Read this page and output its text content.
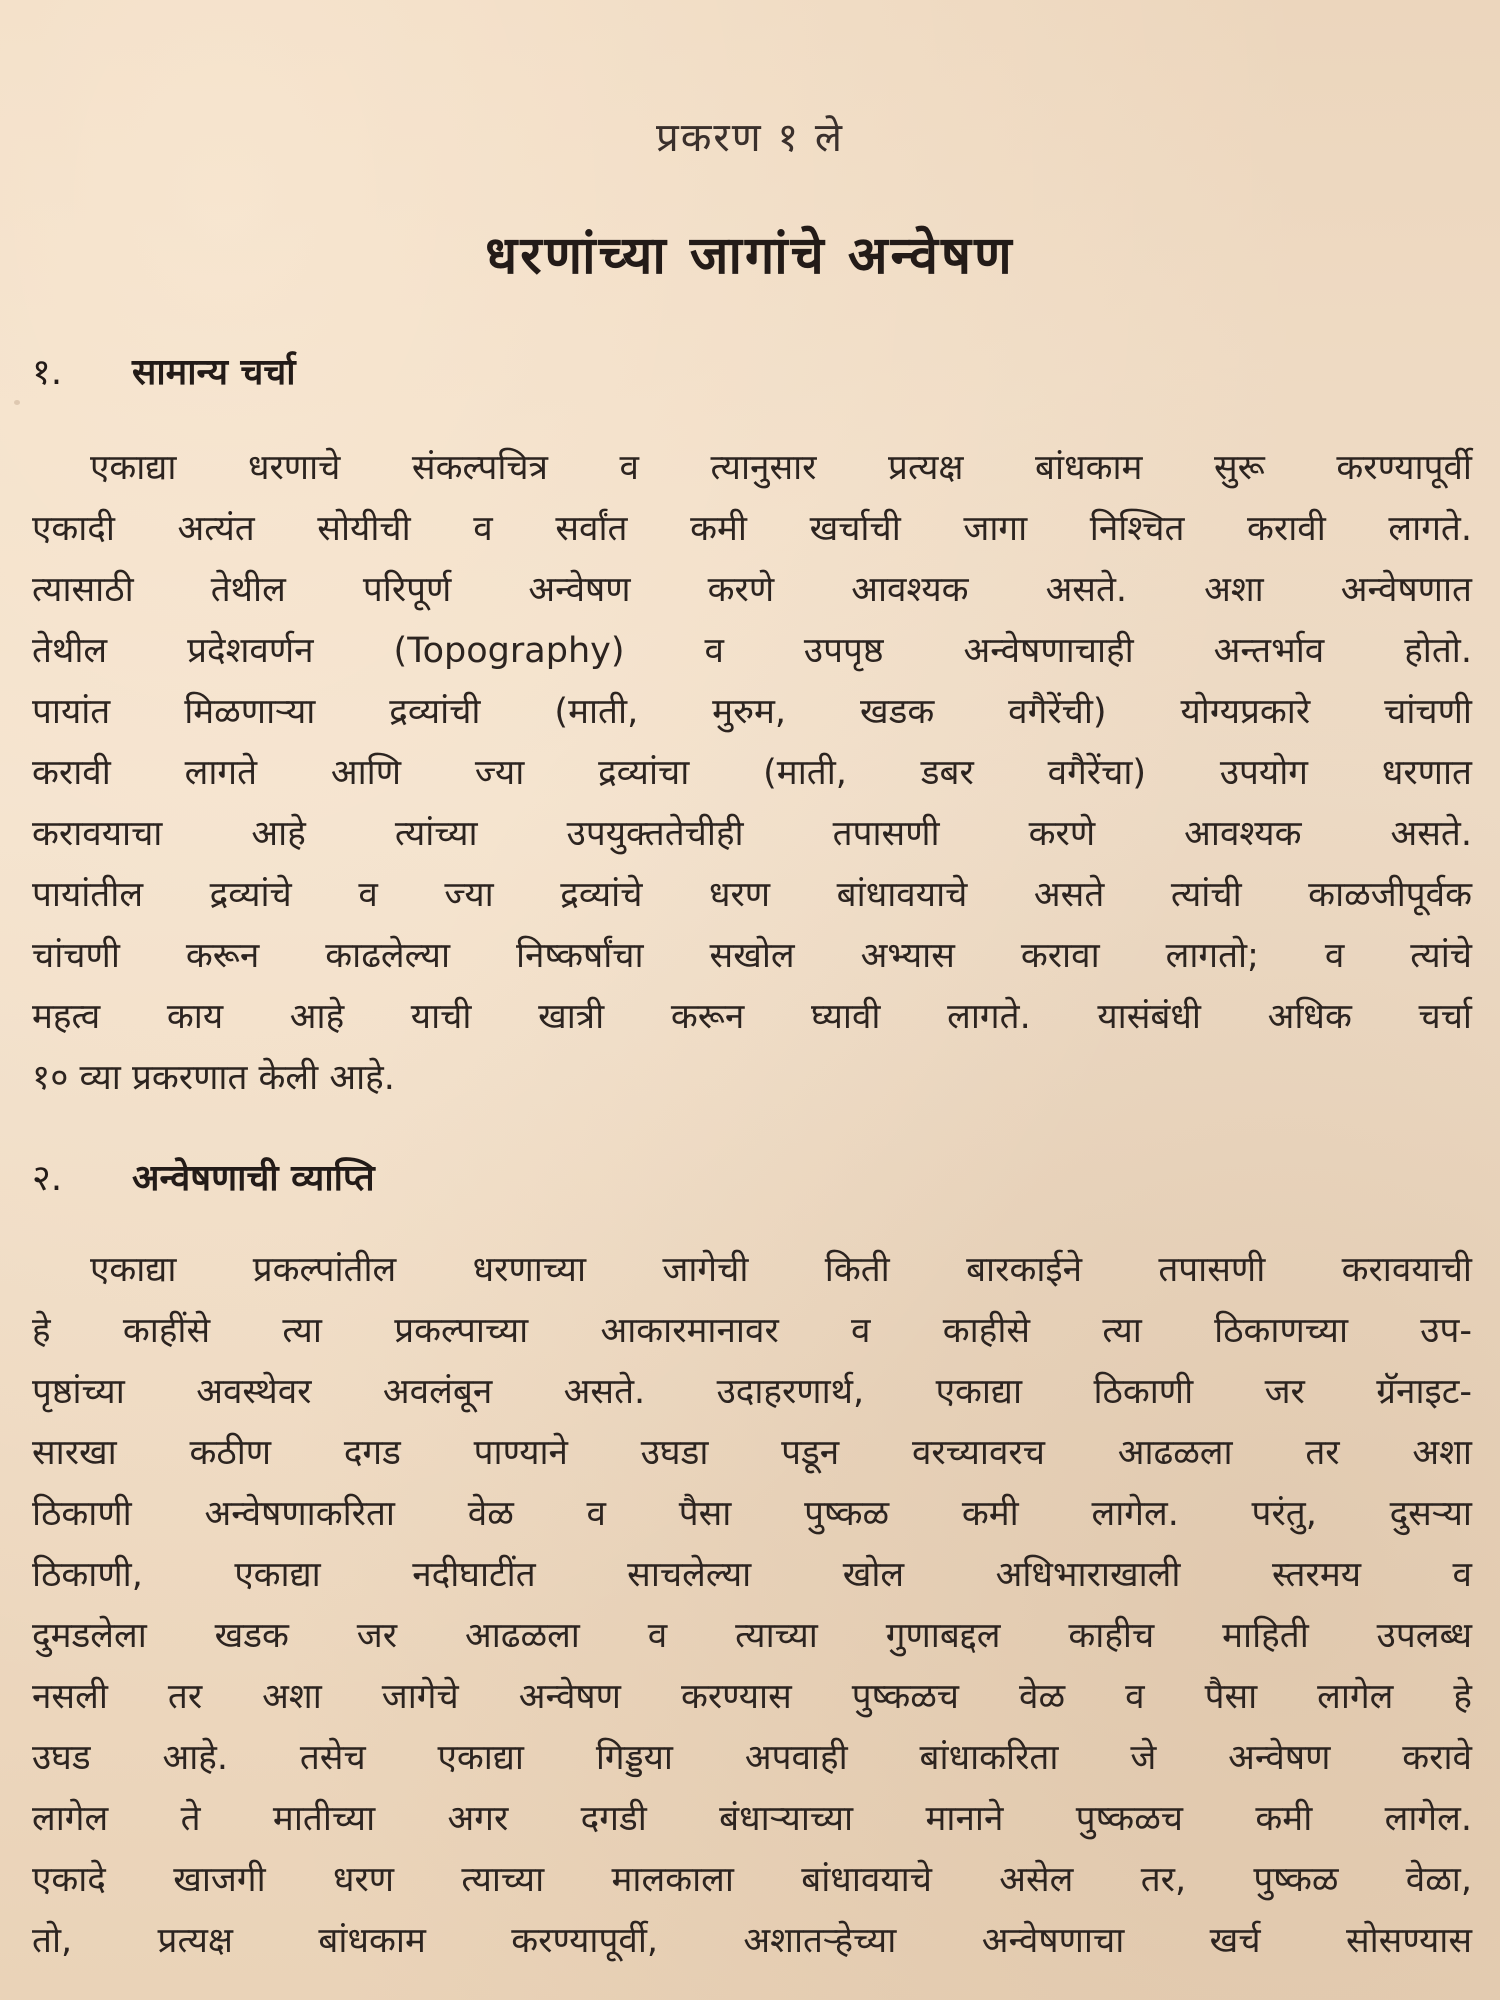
प्रकरण १ ले
धरणांच्या जागांचे अन्वेषण
१. सामान्य चर्चा
एकाद्या धरणाचे संकल्पचित्र व त्यानुसार प्रत्यक्ष बांधकाम सुरू करण्यापूर्वी
एकादी अत्यंत सोयीची व सर्वांत कमी खर्चाची जागा निश्चित करावी लागते.
त्यासाठी तेथील परिपूर्ण अन्वेषण करणे आवश्यक असते. अशा अन्वेषणात
तेथील प्रदेशवर्णन (Topography) व उपपृष्ठ अन्वेषणाचाही अन्तर्भाव होतो.
पायांत मिळणाऱ्या द्रव्यांची (माती, मुरुम, खडक वगैरेंची) योग्यप्रकारे चांचणी
करावी लागते आणि ज्या द्रव्यांचा (माती, डबर वगैरेंचा) उपयोग धरणात
करावयाचा आहे त्यांच्या उपयुक्ततेचीही तपासणी करणे आवश्यक असते.
पायांतील द्रव्यांचे व ज्या द्रव्यांचे धरण बांधावयाचे असते त्यांची काळजीपूर्वक
चांचणी करून काढलेल्या निष्कर्षांचा सखोल अभ्यास करावा लागतो; व त्यांचे
महत्व काय आहे याची खात्री करून घ्यावी लागते. यासंबंधी अधिक चर्चा
१० व्या प्रकरणात केली आहे.
२. अन्वेषणाची व्याप्ति
एकाद्या प्रकल्पांतील धरणाच्या जागेची किती बारकाईने तपासणी करावयाची
हे काहींसे त्या प्रकल्पाच्या आकारमानावर व काहीसे त्या ठिकाणच्या उप-
पृष्ठांच्या अवस्थेवर अवलंबून असते. उदाहरणार्थ, एकाद्या ठिकाणी जर ग्रॅनाइट-
सारखा कठीण दगड पाण्याने उघडा पडून वरच्यावरच आढळला तर अशा
ठिकाणी अन्वेषणाकरिता वेळ व पैसा पुष्कळ कमी लागेल. परंतु, दुसऱ्या
ठिकाणी, एकाद्या नदीघाटींत साचलेल्या खोल अधिभाराखाली स्तरमय व
दुमडलेला खडक जर आढळला व त्याच्या गुणाबद्दल काहीच माहिती उपलब्ध
नसली तर अशा जागेचे अन्वेषण करण्यास पुष्कळच वेळ व पैसा लागेल हे
उघड आहे. तसेच एकाद्या गिड्डया अपवाही बांधाकरिता जे अन्वेषण करावे
लागेल ते मातीच्या अगर दगडी बंधाऱ्याच्या मानाने पुष्कळच कमी लागेल.
एकादे खाजगी धरण त्याच्या मालकाला बांधावयाचे असेल तर, पुष्कळ वेळा,
तो, प्रत्यक्ष बांधकाम करण्यापूर्वी, अशातऱ्हेच्या अन्वेषणाचा खर्च सोसण्यास
